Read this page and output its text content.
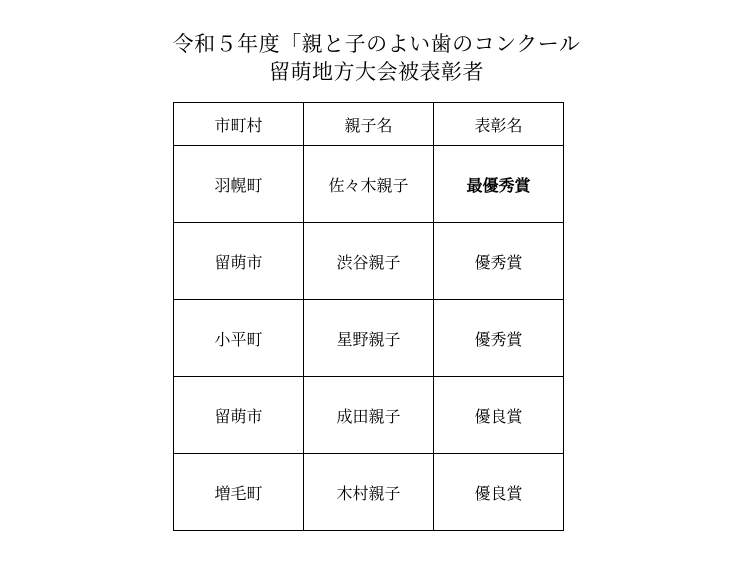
令和５年度「親と子のよい歯のコンクール
留萌地方大会被表彰者
市町村	親子名	表彰名
羽幌町	佐々木親子	最優秀賞
留萌市	渋谷親子	優秀賞
小平町	星野親子	優秀賞
留萌市	成田親子	優良賞
増毛町	木村親子	優良賞
